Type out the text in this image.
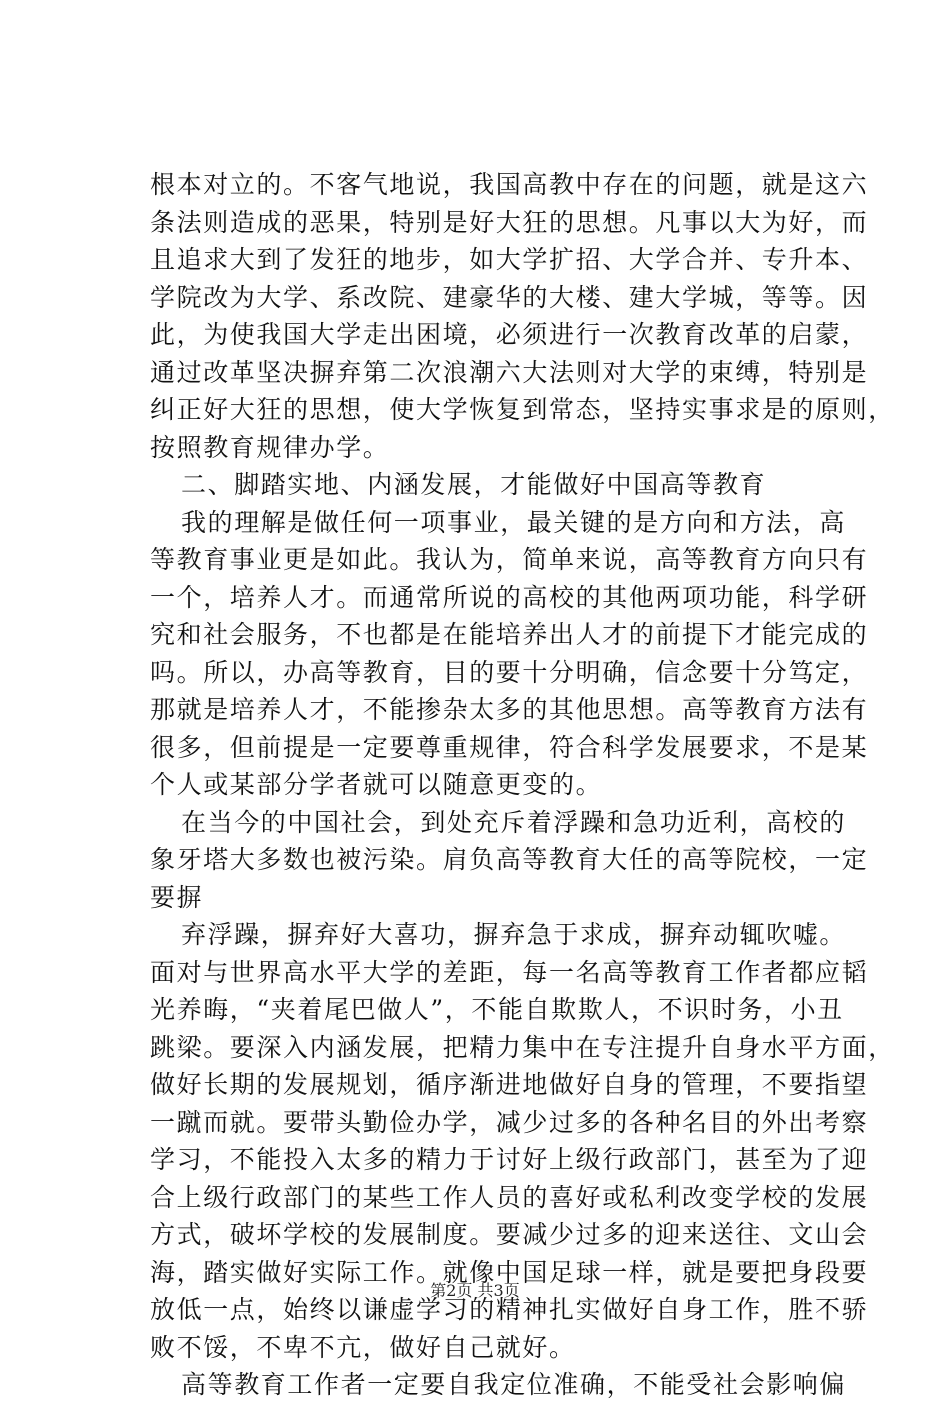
根本对立的。不客气地说，我国高教中存在的问题，就是这六
条法则造成的恶果，特别是好大狂的思想。凡事以大为好，而
且追求大到了发狂的地步，如大学扩招、大学合并、专升本、
学院改为大学、系改院、建豪华的大楼、建大学城，等等。因
此，为使我国大学走出困境，必须进行一次教育改革的启蒙，
通过改革坚决摒弃第二次浪潮六大法则对大学的束缚，特别是
纠正好大狂的思想，使大学恢复到常态，坚持实事求是的原则，
按照教育规律办学。
二、脚踏实地、内涵发展，才能做好中国高等教育
我的理解是做任何一项事业，最关键的是方向和方法，高
等教育事业更是如此。我认为，简单来说，高等教育方向只有
一个，培养人才。而通常所说的高校的其他两项功能，科学研
究和社会服务，不也都是在能培养出人才的前提下才能完成的
吗。所以，办高等教育，目的要十分明确，信念要十分笃定，
那就是培养人才，不能掺杂太多的其他思想。高等教育方法有
很多，但前提是一定要尊重规律，符合科学发展要求，不是某
个人或某部分学者就可以随意更变的。
在当今的中国社会，到处充斥着浮躁和急功近利，高校的
象牙塔大多数也被污染。肩负高等教育大任的高等院校，一定
要摒
弃浮躁，摒弃好大喜功，摒弃急于求成，摒弃动辄吹嘘。
面对与世界高水平大学的差距，每一名高等教育工作者都应韬
光养晦，“夹着尾巴做人”，不能自欺欺人，不识时务，小丑
跳梁。要深入内涵发展，把精力集中在专注提升自身水平方面，
做好长期的发展规划，循序渐进地做好自身的管理，不要指望
一蹴而就。要带头勤俭办学，减少过多的各种名目的外出考察
学习，不能投入太多的精力于讨好上级行政部门，甚至为了迎
合上级行政部门的某些工作人员的喜好或私利改变学校的发展
方式，破坏学校的发展制度。要减少过多的迎来送往、文山会
海，踏实做好实际工作。就像中国足球一样，就是要把身段要
放低一点，始终以谦虚学习的精神扎实做好自身工作，胜不骄
败不馁，不卑不亢，做好自己就好。
高等教育工作者一定要自我定位准确，不能受社会影响偏
第2页 共3页
